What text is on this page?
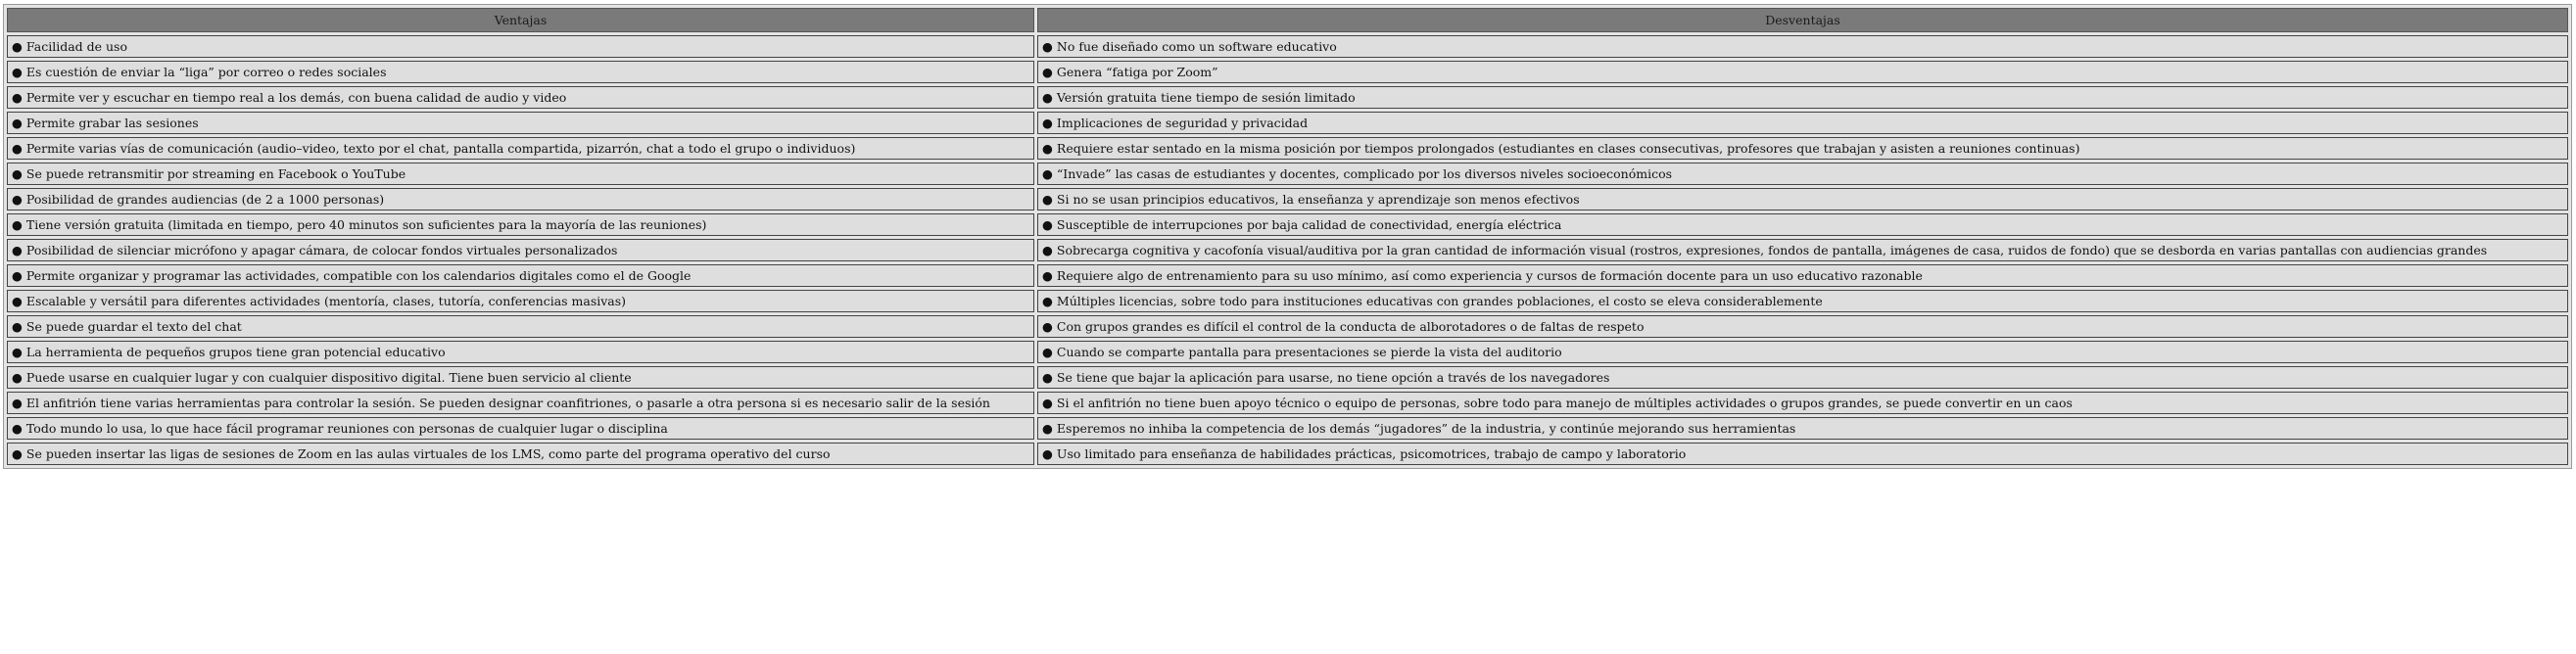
Ventajas	Desventajas
● Facilidad de uso	● No fue diseñado como un software educativo
● Es cuestión de enviar la “liga” por correo o redes sociales	● Genera “fatiga por Zoom”
● Permite ver y escuchar en tiempo real a los demás, con buena calidad de audio y video	● Versión gratuita tiene tiempo de sesión limitado
● Permite grabar las sesiones	● Implicaciones de seguridad y privacidad
● Permite varias vías de comunicación (audio–video, texto por el chat, pantalla compartida, pizarrón, chat a todo el grupo o individuos)	● Requiere estar sentado en la misma posición por tiempos prolongados (estudiantes en clases consecutivas, profesores que trabajan y asisten a reuniones continuas)
● Se puede retransmitir por streaming en Facebook o YouTube	● “Invade” las casas de estudiantes y docentes, complicado por los diversos niveles socioeconómicos
● Posibilidad de grandes audiencias (de 2 a 1000 personas)	● Si no se usan principios educativos, la enseñanza y aprendizaje son menos efectivos
● Tiene versión gratuita (limitada en tiempo, pero 40 minutos son suficientes para la mayoría de las reuniones)	● Susceptible de interrupciones por baja calidad de conectividad, energía eléctrica
● Posibilidad de silenciar micrófono y apagar cámara, de colocar fondos virtuales personalizados	● Sobrecarga cognitiva y cacofonía visual/auditiva por la gran cantidad de información visual (rostros, expresiones, fondos de pantalla, imágenes de casa, ruidos de fondo) que se desborda en varias pantallas con audiencias grandes
● Permite organizar y programar las actividades, compatible con los calendarios digitales como el de Google	● Requiere algo de entrenamiento para su uso mínimo, así como experiencia y cursos de formación docente para un uso educativo razonable
● Escalable y versátil para diferentes actividades (mentoría, clases, tutoría, conferencias masivas)	● Múltiples licencias, sobre todo para instituciones educativas con grandes poblaciones, el costo se eleva considerablemente
● Se puede guardar el texto del chat	● Con grupos grandes es difícil el control de la conducta de alborotadores o de faltas de respeto
● La herramienta de pequeños grupos tiene gran potencial educativo	● Cuando se comparte pantalla para presentaciones se pierde la vista del auditorio
● Puede usarse en cualquier lugar y con cualquier dispositivo digital. Tiene buen servicio al cliente	● Se tiene que bajar la aplicación para usarse, no tiene opción a través de los navegadores
● El anfitrión tiene varias herramientas para controlar la sesión. Se pueden designar coanfitriones, o pasarle a otra persona si es necesario salir de la sesión	● Si el anfitrión no tiene buen apoyo técnico o equipo de personas, sobre todo para manejo de múltiples actividades o grupos grandes, se puede convertir en un caos
● Todo mundo lo usa, lo que hace fácil programar reuniones con personas de cualquier lugar o disciplina	● Esperemos no inhiba la competencia de los demás “jugadores” de la industria, y continúe mejorando sus herramientas
● Se pueden insertar las ligas de sesiones de Zoom en las aulas virtuales de los LMS, como parte del programa operativo del curso	● Uso limitado para enseñanza de habilidades prácticas, psicomotrices, trabajo de campo y laboratorio
